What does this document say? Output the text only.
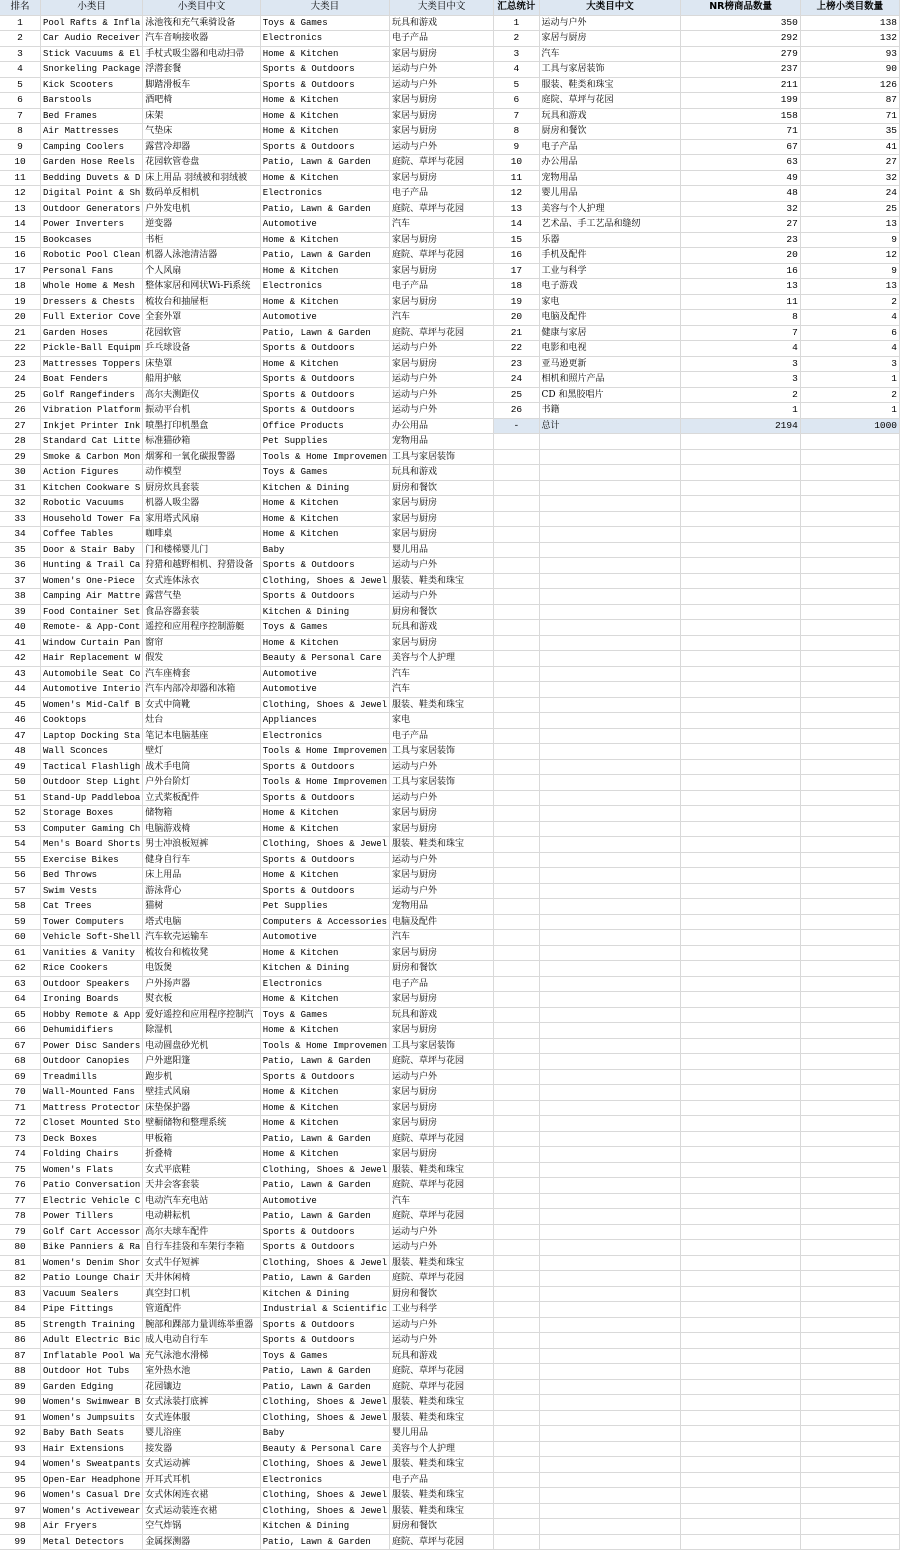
排名	小类目	小类目中文	大类目	大类目中文	汇总统计	大类目中文	NR榜商品数量	上榜小类目数量
1	Pool Rafts & Infla	泳池筏和充气乘骑设备	Toys & Games	玩具和游戏	1	运动与户外	350	138
2	Car Audio Receiver	汽车音响接收器	Electronics	电子产品	2	家居与厨房	292	132
3	Stick Vacuums & El	手杖式吸尘器和电动扫帚	Home & Kitchen	家居与厨房	3	汽车	279	93
4	Snorkeling Package	浮潜套餐	Sports & Outdoors	运动与户外	4	工具与家居装饰	237	90
5	Kick Scooters	脚踏滑板车	Sports & Outdoors	运动与户外	5	服装、鞋类和珠宝	211	126
6	Barstools	酒吧椅	Home & Kitchen	家居与厨房	6	庭院、草坪与花园	199	87
7	Bed Frames	床架	Home & Kitchen	家居与厨房	7	玩具和游戏	158	71
8	Air Mattresses	气垫床	Home & Kitchen	家居与厨房	8	厨房和餐饮	71	35
9	Camping Coolers	露营冷却器	Sports & Outdoors	运动与户外	9	电子产品	67	41
10	Garden Hose Reels	花园软管卷盘	Patio, Lawn & Garden	庭院、草坪与花园	10	办公用品	63	27
11	Bedding Duvets & D	床上用品 羽绒被和羽绒被	Home & Kitchen	家居与厨房	11	宠物用品	49	32
12	Digital Point & Sh	数码单反相机	Electronics	电子产品	12	婴儿用品	48	24
13	Outdoor Generators	户外发电机	Patio, Lawn & Garden	庭院、草坪与花园	13	美容与个人护理	32	25
14	Power Inverters	逆变器	Automotive	汽车	14	艺术品、手工艺品和缝纫	27	13
15	Bookcases	书柜	Home & Kitchen	家居与厨房	15	乐器	23	9
16	Robotic Pool Clean	机器人泳池清洁器	Patio, Lawn & Garden	庭院、草坪与花园	16	手机及配件	20	12
17	Personal Fans	个人风扇	Home & Kitchen	家居与厨房	17	工业与科学	16	9
18	Whole Home & Mesh	整体家居和网状Wi-Fi系统	Electronics	电子产品	18	电子游戏	13	13
19	Dressers & Chests	梳妆台和抽屉柜	Home & Kitchen	家居与厨房	19	家电	11	2
20	Full Exterior Cove	全套外罩	Automotive	汽车	20	电脑及配件	8	4
21	Garden Hoses	花园软管	Patio, Lawn & Garden	庭院、草坪与花园	21	健康与家居	7	6
22	Pickle-Ball Equipm	乒乓球设备	Sports & Outdoors	运动与户外	22	电影和电视	4	4
23	Mattresses Toppers	床垫罩	Home & Kitchen	家居与厨房	23	亚马逊更新	3	3
24	Boat Fenders	船用护舷	Sports & Outdoors	运动与户外	24	相机和照片产品	3	1
25	Golf Rangefinders	高尔夫测距仪	Sports & Outdoors	运动与户外	25	CD 和黑胶唱片	2	2
26	Vibration Platform	振动平台机	Sports & Outdoors	运动与户外	26	书籍	1	1
27	Inkjet Printer Ink	喷墨打印机墨盒	Office Products	办公用品	-	总计	2194	1000
28	Standard Cat Litte	标准猫砂箱	Pet Supplies	宠物用品				
29	Smoke & Carbon Mon	烟雾和一氧化碳报警器	Tools & Home Improvemen	工具与家居装饰				
30	Action Figures	动作模型	Toys & Games	玩具和游戏				
31	Kitchen Cookware S	厨房炊具套装	Kitchen & Dining	厨房和餐饮				
32	Robotic Vacuums	机器人吸尘器	Home & Kitchen	家居与厨房				
33	Household Tower Fa	家用塔式风扇	Home & Kitchen	家居与厨房				
34	Coffee Tables	咖啡桌	Home & Kitchen	家居与厨房				
35	Door & Stair Baby	门和楼梯婴儿门	Baby	婴儿用品				
36	Hunting & Trail Ca	狩猎和越野相机、狩猎设备	Sports & Outdoors	运动与户外				
37	Women's One-Piece	女式连体泳衣	Clothing, Shoes & Jewel	服装、鞋类和珠宝				
38	Camping Air Mattre	露营气垫	Sports & Outdoors	运动与户外				
39	Food Container Set	食品容器套装	Kitchen & Dining	厨房和餐饮				
40	Remote- & App-Cont	遥控和应用程序控制游艇	Toys & Games	玩具和游戏				
41	Window Curtain Pan	窗帘	Home & Kitchen	家居与厨房				
42	Hair Replacement W	假发	Beauty & Personal Care	美容与个人护理				
43	Automobile Seat Co	汽车座椅套	Automotive	汽车				
44	Automotive Interio	汽车内部冷却器和冰箱	Automotive	汽车				
45	Women's Mid-Calf B	女式中筒靴	Clothing, Shoes & Jewel	服装、鞋类和珠宝				
46	Cooktops	灶台	Appliances	家电				
47	Laptop Docking Sta	笔记本电脑基座	Electronics	电子产品				
48	Wall Sconces	壁灯	Tools & Home Improvemen	工具与家居装饰				
49	Tactical Flashligh	战术手电筒	Sports & Outdoors	运动与户外				
50	Outdoor Step Light	户外台阶灯	Tools & Home Improvemen	工具与家居装饰				
51	Stand-Up Paddleboa	立式桨板配件	Sports & Outdoors	运动与户外				
52	Storage Boxes	储物箱	Home & Kitchen	家居与厨房				
53	Computer Gaming Ch	电脑游戏椅	Home & Kitchen	家居与厨房				
54	Men's Board Shorts	男士冲浪板短裤	Clothing, Shoes & Jewel	服装、鞋类和珠宝				
55	Exercise Bikes	健身自行车	Sports & Outdoors	运动与户外				
56	Bed Throws	床上用品	Home & Kitchen	家居与厨房				
57	Swim Vests	游泳背心	Sports & Outdoors	运动与户外				
58	Cat Trees	猫树	Pet Supplies	宠物用品				
59	Tower Computers	塔式电脑	Computers & Accessories	电脑及配件				
60	Vehicle Soft-Shell	汽车软壳运输车	Automotive	汽车				
61	Vanities & Vanity	梳妆台和梳妆凳	Home & Kitchen	家居与厨房				
62	Rice Cookers	电饭煲	Kitchen & Dining	厨房和餐饮				
63	Outdoor Speakers	户外扬声器	Electronics	电子产品				
64	Ironing Boards	熨衣板	Home & Kitchen	家居与厨房				
65	Hobby Remote & App	爱好遥控和应用程序控制汽	Toys & Games	玩具和游戏				
66	Dehumidifiers	除湿机	Home & Kitchen	家居与厨房				
67	Power Disc Sanders	电动圆盘砂光机	Tools & Home Improvemen	工具与家居装饰				
68	Outdoor Canopies	户外遮阳篷	Patio, Lawn & Garden	庭院、草坪与花园				
69	Treadmills	跑步机	Sports & Outdoors	运动与户外				
70	Wall-Mounted Fans	壁挂式风扇	Home & Kitchen	家居与厨房				
71	Mattress Protector	床垫保护器	Home & Kitchen	家居与厨房				
72	Closet Mounted Sto	壁橱储物和整理系统	Home & Kitchen	家居与厨房				
73	Deck Boxes	甲板箱	Patio, Lawn & Garden	庭院、草坪与花园				
74	Folding Chairs	折叠椅	Home & Kitchen	家居与厨房				
75	Women's Flats	女式平底鞋	Clothing, Shoes & Jewel	服装、鞋类和珠宝				
76	Patio Conversation	天井会客套装	Patio, Lawn & Garden	庭院、草坪与花园				
77	Electric Vehicle C	电动汽车充电站	Automotive	汽车				
78	Power Tillers	电动耕耘机	Patio, Lawn & Garden	庭院、草坪与花园				
79	Golf Cart Accessor	高尔夫球车配件	Sports & Outdoors	运动与户外				
80	Bike Panniers & Ra	自行车挂袋和车架行李箱	Sports & Outdoors	运动与户外				
81	Women's Denim Shor	女式牛仔短裤	Clothing, Shoes & Jewel	服装、鞋类和珠宝				
82	Patio Lounge Chair	天井休闲椅	Patio, Lawn & Garden	庭院、草坪与花园				
83	Vacuum Sealers	真空封口机	Kitchen & Dining	厨房和餐饮				
84	Pipe Fittings	管道配件	Industrial & Scientific	工业与科学				
85	Strength Training	腕部和踝部力量训练举重器	Sports & Outdoors	运动与户外				
86	Adult Electric Bic	成人电动自行车	Sports & Outdoors	运动与户外				
87	Inflatable Pool Wa	充气泳池水滑梯	Toys & Games	玩具和游戏				
88	Outdoor Hot Tubs	室外热水池	Patio, Lawn & Garden	庭院、草坪与花园				
89	Garden Edging	花园镶边	Patio, Lawn & Garden	庭院、草坪与花园				
90	Women's Swimwear B	女式泳装打底裤	Clothing, Shoes & Jewel	服装、鞋类和珠宝				
91	Women's Jumpsuits	女式连体服	Clothing, Shoes & Jewel	服装、鞋类和珠宝				
92	Baby Bath Seats	婴儿浴座	Baby	婴儿用品				
93	Hair Extensions	接发器	Beauty & Personal Care	美容与个人护理				
94	Women's Sweatpants	女式运动裤	Clothing, Shoes & Jewel	服装、鞋类和珠宝				
95	Open-Ear Headphone	开耳式耳机	Electronics	电子产品				
96	Women's Casual Dre	女式休闲连衣裙	Clothing, Shoes & Jewel	服装、鞋类和珠宝				
97	Women's Activewear	女式运动装连衣裙	Clothing, Shoes & Jewel	服装、鞋类和珠宝				
98	Air Fryers	空气炸锅	Kitchen & Dining	厨房和餐饮				
99	Metal Detectors	金属探测器	Patio, Lawn & Garden	庭院、草坪与花园				
